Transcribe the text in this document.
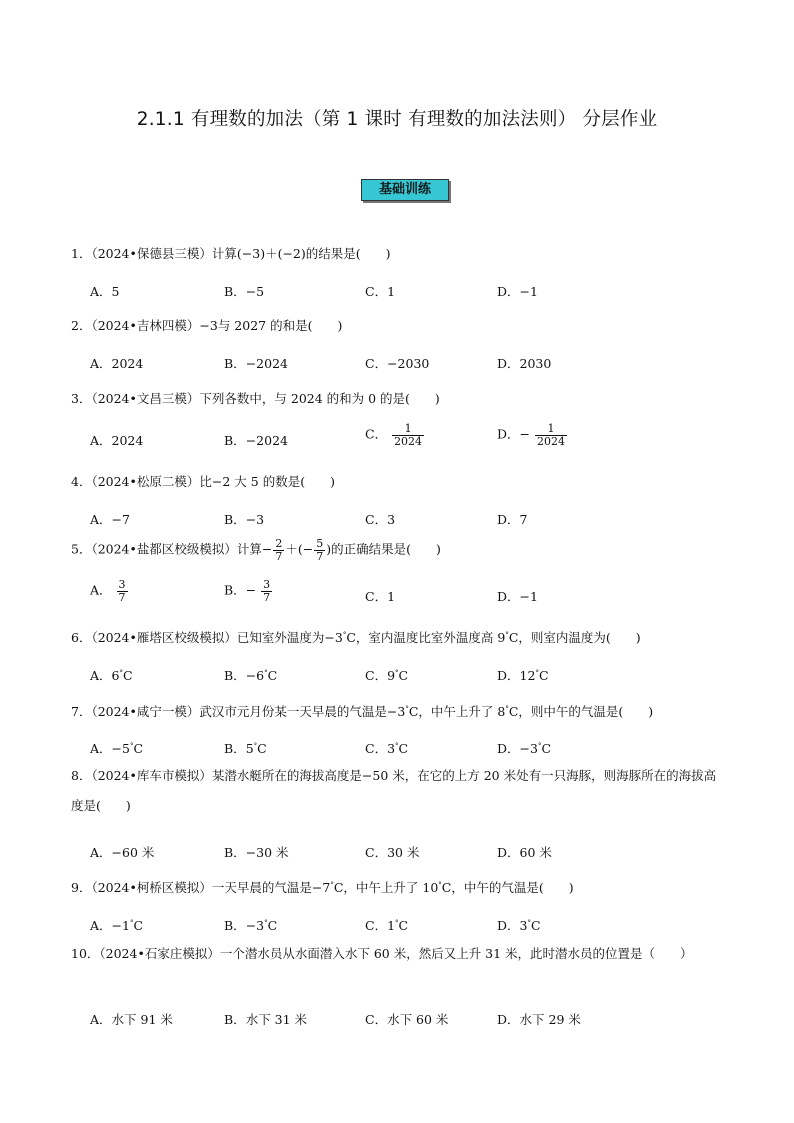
2.1.1 有理数的加法（第 1 课时 有理数的加法法则） 分层作业
基础训练
1．（2024•保德县三模）计算(−3)＋(−2)的结果是(　　)
A．5	B．−5	C．1	D．−1
2．（2024•吉林四模）−3与 2027 的和是(　　)
A．2024	B．−2024	C．−2030	D．2030
3．（2024•文昌三模）下列各数中，与 2024 的和为 0 的是(　　)
A．2024	B．−2024	C． $\frac{1}{2024}$	D．− $\frac{1}{2024}$
4．（2024•松原二模）比−2 大 5 的数是(　　)
A．−7	B．−3	C．3	D．7
5．（2024•盐都区校级模拟）计算− $\frac{2}{7}$ ＋(− $\frac{5}{7}$ )的正确结果是(　　)
A． $\frac{3}{7}$	B．− $\frac{3}{7}$	C．1	D．−1
6．（2024•雁塔区校级模拟）已知室外温度为−3°C，室内温度比室外温度高 9°C，则室内温度为(　　)
A．6°C	B．−6°C	C．9°C	D．12°C
7．（2024•咸宁一模）武汉市元月份某一天早晨的气温是−3°C，中午上升了 8°C，则中午的气温是(　　)
A．−5°C	B．5°C	C．3°C	D．−3°C
8．（2024•库车市模拟）某潜水艇所在的海拔高度是−50 米，在它的上方 20 米处有一只海豚，则海豚所在的海拔高度是(　　)
A．−60 米	B．−30 米	C．30 米	D．60 米
9．（2024•柯桥区模拟）一天早晨的气温是−7°C，中午上升了 10°C，中午的气温是(　　)
A．−1°C	B．−3°C	C．1°C	D．3°C
10．（2024•石家庄模拟）一个潜水员从水面潜入水下 60 米，然后又上升 31 米，此时潜水员的位置是（　　）
A．水下 91 米	B．水下 31 米	C．水下 60 米	D．水下 29 米
